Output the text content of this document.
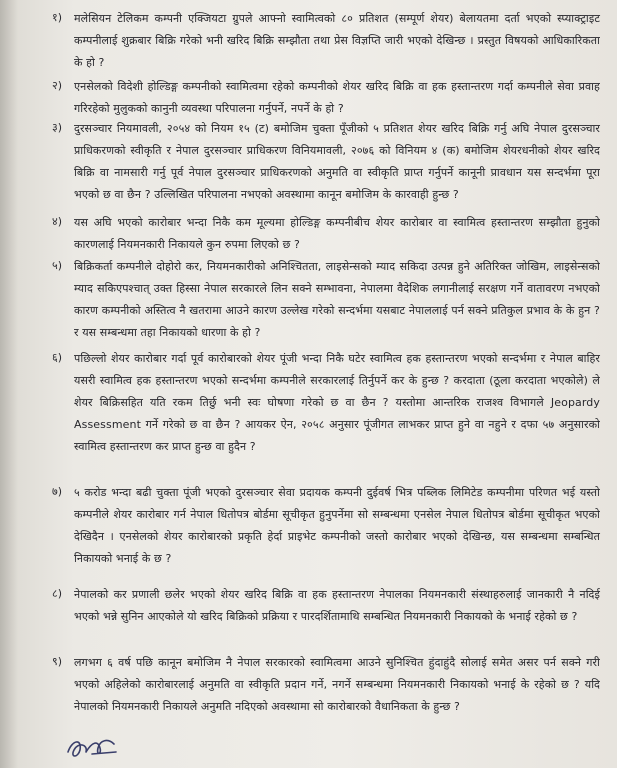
१) मलेसियन टेलिकम कम्पनी एक्जियटा ग्रुपले आफ्नो स्वामित्वको ८० प्रतिशत (सम्पूर्ण शेयर) बेलायतमा दर्ता भएको स्प्याक्ट्राइट कम्पनीलाई शुक्रबार बिक्रि गरेको भनी खरिद बिक्रि सम्झौता तथा प्रेस विज्ञप्ति जारी भएको देखिन्छ । प्रस्तुत विषयको आधिकारिकता के हो ?
२) एनसेलको विदेशी होल्डिङ्ग कम्पनीको स्वामित्वमा रहेको कम्पनीको शेयर खरिद बिक्रि वा हक हस्तान्तरण गर्दा कम्पनीले सेवा प्रवाह गरिरहेको मुलुकको कानुनी व्यवस्था परिपालना गर्नुपर्ने, नपर्ने के हो ?
३) दुरसञ्चार नियमावली, २०५४ को नियम १५ (ट) बमोजिम चुक्ता पूँजीको ५ प्रतिशत शेयर खरिद बिक्रि गर्नु अघि नेपाल दुरसञ्चार प्राधिकरणको स्वीकृति र नेपाल दुरसञ्चार प्राधिकरण विनियमावली, २०७६ को विनियम ४ (क) बमोजिम शेयरधनीको शेयर खरिद बिक्रि वा नामसारी गर्नु पूर्व नेपाल दुरसञ्चार प्राधिकरणको अनुमति वा स्वीकृति प्राप्त गर्नुपर्ने कानूनी प्रावधान यस सन्दर्भमा पूरा भएको छ वा छैन ? उल्लिखित परिपालना नभएको अवस्थामा कानून बमोजिम के कारवाही हुन्छ ?
४) यस अघि भएको कारोबार भन्दा निकै कम मूल्यमा होल्डिङ्ग कम्पनीबीच शेयर कारोबार वा स्वामित्व हस्तान्तरण सम्झौता हुनुको कारणलाई नियमनकारी निकायले कुन रुपमा लिएको छ ?
५) बिक्रिकर्ता कम्पनीले दोहोरो कर, नियमनकारीको अनिश्चितता, लाइसेन्सको म्याद सकिदा उत्पन्न हुने अतिरिक्त जोखिम, लाइसेन्सको म्याद सकिएपश्चात् उक्त हिस्सा नेपाल सरकारले लिन सक्ने सम्भावना, नेपालमा वैदेशिक लगानीलाई सरक्षण गर्ने वातावरण नभएको कारण कम्पनीको अस्तित्व नै खतरामा आउने कारण उल्लेख गरेको सन्दर्भमा यसबाट नेपाललाई पर्न सक्ने प्रतिकुल प्रभाव के के हुन ? र यस सम्बन्धमा तहा निकायको धारणा के हो ?
६) पछिल्लो शेयर कारोबार गर्दा पूर्व कारोबारको शेयर पूंजी भन्दा निकै घटेर स्वामित्व हक हस्तान्तरण भएको सन्दर्भमा र नेपाल बाहिर यसरी स्वामित्व हक हस्तान्तरण भएको सन्दर्भमा कम्पनीले सरकारलाई तिर्नुपर्ने कर के हुन्छ ? करदाता (ठूला करदाता भएकोले) ले शेयर बिक्रिसहित यति रकम तिर्छु भनी स्वः घोषणा गरेको छ वा छैन ? यस्तोमा आन्तरिक राजश्व विभागले Jeopardy Assessment गर्ने गरेको छ वा छैन ? आयकर ऐन, २०५८ अनुसार पूंजीगत लाभकर प्राप्त हुने वा नहुने र दफा ५७ अनुसारको स्वामित्व हस्तान्तरण कर प्राप्त हुन्छ वा हुदैन ?
७) ५ करोड भन्दा बढी चुक्ता पूंजी भएको दुरसञ्चार सेवा प्रदायक कम्पनी दुईवर्ष भित्र पब्लिक लिमिटेड कम्पनीमा परिणत भई यस्तो कम्पनीले शेयर कारोबार गर्न नेपाल धितोपत्र बोर्डमा सूचीकृत हुनुपर्नेमा सो सम्बन्धमा एनसेल नेपाल धितोपत्र बोर्डमा सूचीकृत भएको देखिदैन । एनसेलको शेयर कारोबारको प्रकृति हेर्दा प्राइभेट कम्पनीको जस्तो कारोबार भएको देखिन्छ, यस सम्बन्धमा सम्बन्धित निकायको भनाई के छ ?
८) नेपालको कर प्रणाली छलेर भएको शेयर खरिद बिक्रि वा हक हस्तान्तरण नेपालका नियमनकारी संस्थाहरुलाई जानकारी नै नदिई भएको भन्ने सुनिन आएकोले यो खरिद बिक्रिको प्रक्रिया र पारदर्शितामाथि सम्बन्धित नियमनकारी निकायको के भनाई रहेको छ ?
९) लगभग ६ वर्ष पछि कानून बमोजिम नै नेपाल सरकारको स्वामित्वमा आउने सुनिश्चित हुंदाहुंदै सोलाई समेत असर पर्न सक्ने गरी भएको अहिलेको कारोबारलाई अनुमति वा स्वीकृति प्रदान गर्ने, नगर्ने सम्बन्धमा नियमनकारी निकायको भनाई के रहेको छ ? यदि नेपालको नियमनकारी निकायले अनुमति नदिएको अवस्थामा सो कारोबारको वैधानिकता के हुन्छ ?
